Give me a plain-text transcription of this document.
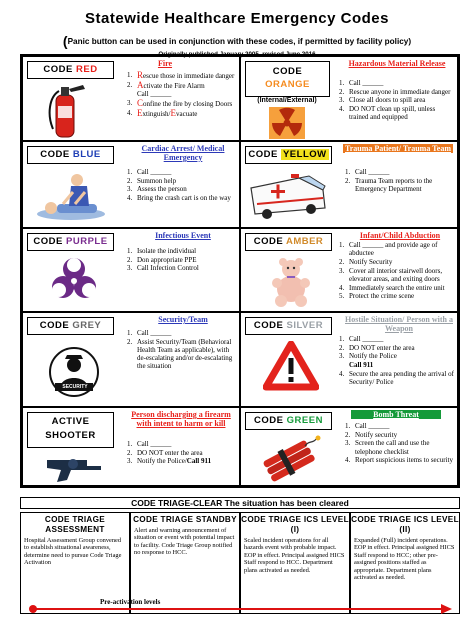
Statewide Healthcare Emergency Codes
(Panic button can be used in conjunction with these codes, if permitted by facility policy)
Originally published January 2005, revised June 2016
CODE RED
Fire
1. Rescue those in immediate danger
2. Activate the Fire Alarm
Call ______
3. Confine the fire by closing Doors
4. Extinguish/Evacuate
CODE
ORANGE
(Internal/External)
Hazardous Material Release
1. Call ______
2. Rescue anyone in immediate danger
3. Close all doors to spill area
4. DO NOT clean up spill, unless trained and equipped
CODE BLUE
Cardiac Arrest/ Medical Emergency
1. Call ______
2. Summon help
3. Assess the person
4. Bring the crash cart is on the way
CODE YELLOW
Trauma Patient/ Trauma Team
1. Call ______
2. Trauma Team reports to the Emergency Department
CODE PURPLE
Infectious Event
1. Isolate the individual
2. Don appropriate PPE
3. Call Infection Control
CODE AMBER
Infant/Child Abduction
1. Call ______ and provide age of abductee
2. Notify Security
3. Cover all interior stairwell doors, elevator areas, and exiting doors
4. Immediately search the entire unit
5. Protect the crime scene
CODE GREY
SECURITY
Security/Team
1. Call ______
2. Assist Security/Team (Behavioral Health Team as applicable), with de-escalating and/or de-escalating the situation
CODE SILVER
Hostile Situation/ Person with a Weapon
1. Call ______
2. DO NOT enter the area
3. Notify the Police
Call 911
4. Secure the area pending the arrival of Security/ Police
ACTIVE
SHOOTER
Person discharging a firearm with intent to harm or kill
1. Call ______
2. DO NOT enter the area
3. Notify the Police/Call 911
CODE GREEN
Bomb Threat
1. Call ______
2. Notify security
3. Screen the call and use the telephone checklist
4. Report suspicious items to security
CODE TRIAGE-CLEAR The situation has been cleared
CODE TRIAGE ASSESSMENT
Hospital Assessment Group convened to establish situational awareness, determine need to pursue Code Triage Activation
CODE TRIAGE STANDBY
Alert and warning announcement of situation or event with potential impact to facility. Code Triage Group notified no response to HCC.
CODE TRIAGE ICS LEVEL (I)
Scaled incident operations for all hazards event with probable impact. EOP in effect. Principal assigned HICS Staff respond to HCC. Department plans activated as needed.
CODE TRIAGE ICS LEVEL (II)
Expanded (Full) incident operations. EOP in effect. Principal assigned HICS Staff respond to HCC; other pre-assigned positions staffed as appropriate. Department plans activated as needed.
Pre-activation levels
